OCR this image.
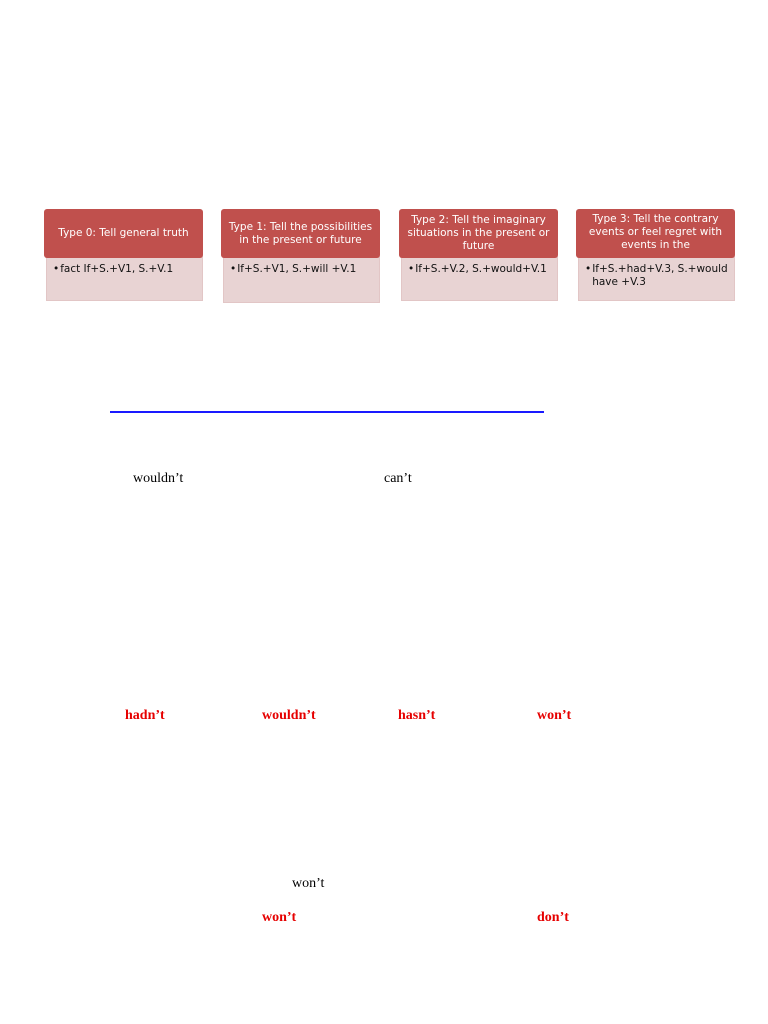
Type 0: Tell general truth
• fact If+S.+V1, S.+V.1
Type 1: Tell the possibilities in the present or future
• If+S.+V1, S.+will +V.1
Type 2: Tell the imaginary situations in the present or future
• If+S.+V.2, S.+would+V.1
Type 3: Tell the contrary events or feel regret with events in the
• If+S.+had+V.3, S.+would have +V.3
wouldn’t	can’t
hadn’t	wouldn’t	hasn’t	won’t
won’t
won’t	don’t
